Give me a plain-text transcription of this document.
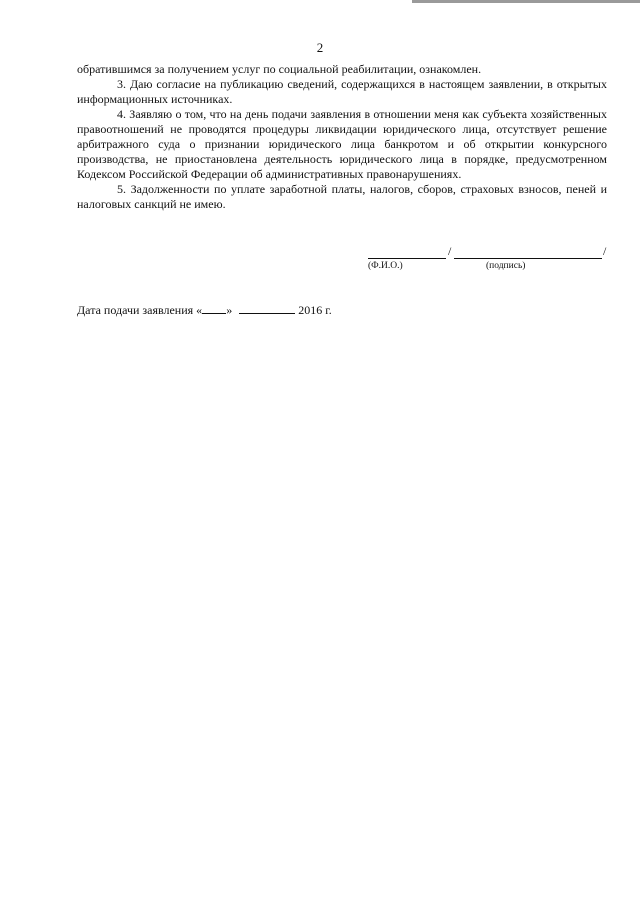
2

обратившимся за получением услуг по социальной реабилитации, ознакомлен.

3. Даю согласие на публикацию сведений, содержащихся в настоящем заявлении, в открытых информационных источниках.

4. Заявляю о том, что на день подачи заявления в отношении меня как субъекта хозяйственных правоотношений не проводятся процедуры ликвидации юридического лица, отсутствует решение арбитражного суда о признании юридического лица банкротом и об открытии конкурсного производства, не приостановлена деятельность юридического лица в порядке, предусмотренном Кодексом Российской Федерации об административных правонарушениях.

5. Задолженности по уплате заработной платы, налогов, сборов, страховых взносов, пеней и налоговых санкций не имею.

/	/
(Ф.И.О.)	(подпись)
Дата подачи заявления « »	2016 г.
